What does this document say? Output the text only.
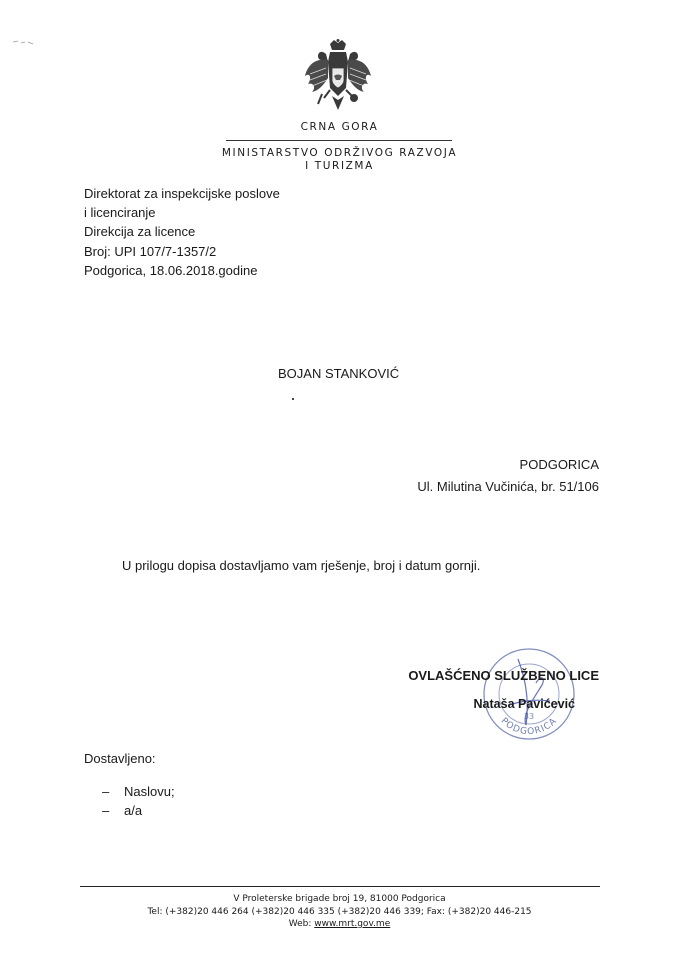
CRNA GORA
MINISTARSTVO ODRŽIVOG RAZVOJA
I TURIZMA
Direktorat za inspekcijske poslove
i licenciranje
Direkcija za licence
Broj: UPI 107/7-1357/2
Podgorica, 18.06.2018.godine
BOJAN STANKOVIĆ
PODGORICA
Ul. Milutina Vučinića, br. 51/106
U prilogu dopisa dostavljamo vam rješenje, broj i datum gornji.
PODGORICA
33
OVLAŠĆENO SLUŽBENO LICE
Nataša Pavićević
Dostavljeno:
– Naslovu;
– a/a
V Proleterske brigade broj 19, 81000 Podgorica
Tel: (+382)20 446 264 (+382)20 446 335 (+382)20 446 339; Fax: (+382)20 446-215
Web: www.mrt.gov.me
